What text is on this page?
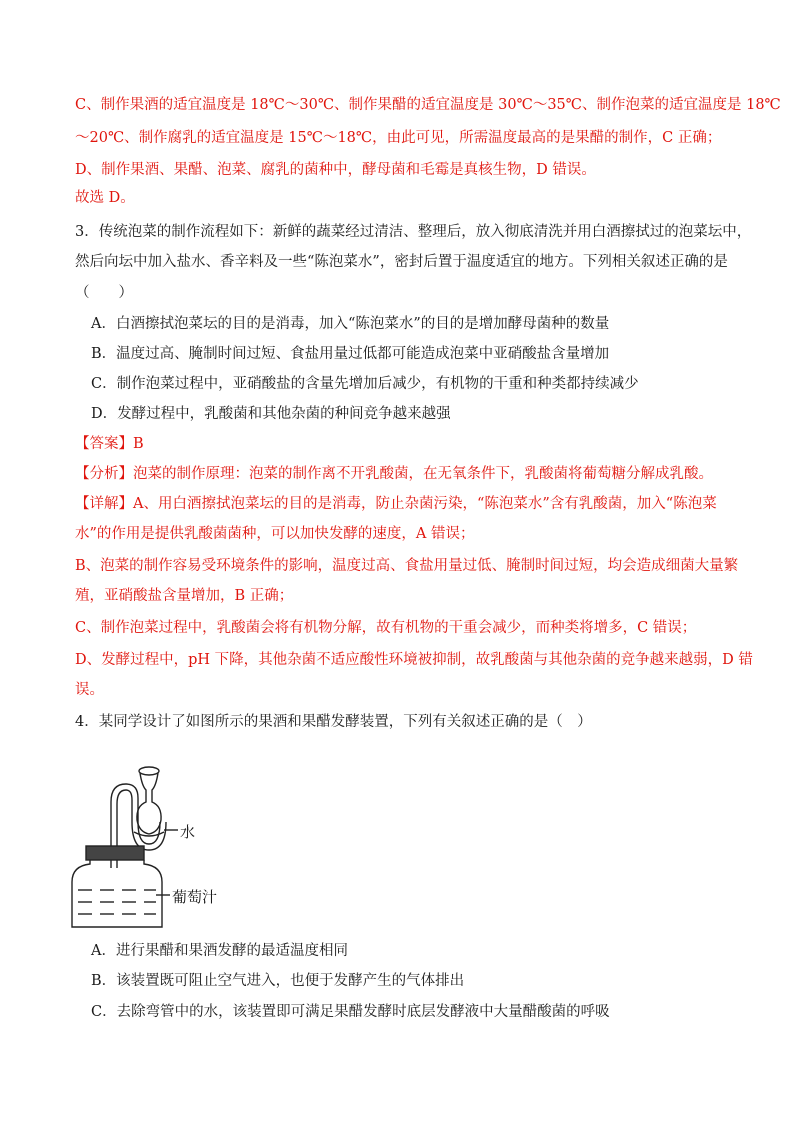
C、制作果酒的适宜温度是 18℃～30℃、制作果醋的适宜温度是 30℃～35℃、制作泡菜的适宜温度是 18℃
～20℃、制作腐乳的适宜温度是 15℃～18℃，由此可见，所需温度最高的是果醋的制作，C 正确；
D、制作果酒、果醋、泡菜、腐乳的菌种中，酵母菌和毛霉是真核生物，D 错误。
故选 D。
3．传统泡菜的制作流程如下：新鲜的蔬菜经过清洁、整理后，放入彻底清洗并用白酒擦拭过的泡菜坛中，
然后向坛中加入盐水、香辛料及一些“陈泡菜水”，密封后置于温度适宜的地方。下列相关叙述正确的是
（　　）
A．白酒擦拭泡菜坛的目的是消毒，加入“陈泡菜水”的目的是增加酵母菌种的数量
B．温度过高、腌制时间过短、食盐用量过低都可能造成泡菜中亚硝酸盐含量增加
C．制作泡菜过程中，亚硝酸盐的含量先增加后减少，有机物的干重和种类都持续减少
D．发酵过程中，乳酸菌和其他杂菌的种间竞争越来越强
【答案】B
【分析】泡菜的制作原理：泡菜的制作离不开乳酸菌，在无氧条件下，乳酸菌将葡萄糖分解成乳酸。
【详解】A、用白酒擦拭泡菜坛的目的是消毒，防止杂菌污染，“陈泡菜水”含有乳酸菌，加入“陈泡菜
水”的作用是提供乳酸菌菌种，可以加快发酵的速度，A 错误；
B、泡菜的制作容易受环境条件的影响，温度过高、食盐用量过低、腌制时间过短，均会造成细菌大量繁
殖，亚硝酸盐含量增加，B 正确；
C、制作泡菜过程中，乳酸菌会将有机物分解，故有机物的干重会减少，而种类将增多，C 错误；
D、发酵过程中，pH 下降，其他杂菌不适应酸性环境被抑制，故乳酸菌与其他杂菌的竞争越来越弱，D 错
误。
4．某同学设计了如图所示的果酒和果醋发酵装置，下列有关叙述正确的是（　）
水
葡萄汁
A．进行果醋和果酒发酵的最适温度相同
B．该装置既可阻止空气进入，也便于发酵产生的气体排出
C．去除弯管中的水，该装置即可满足果醋发酵时底层发酵液中大量醋酸菌的呼吸
